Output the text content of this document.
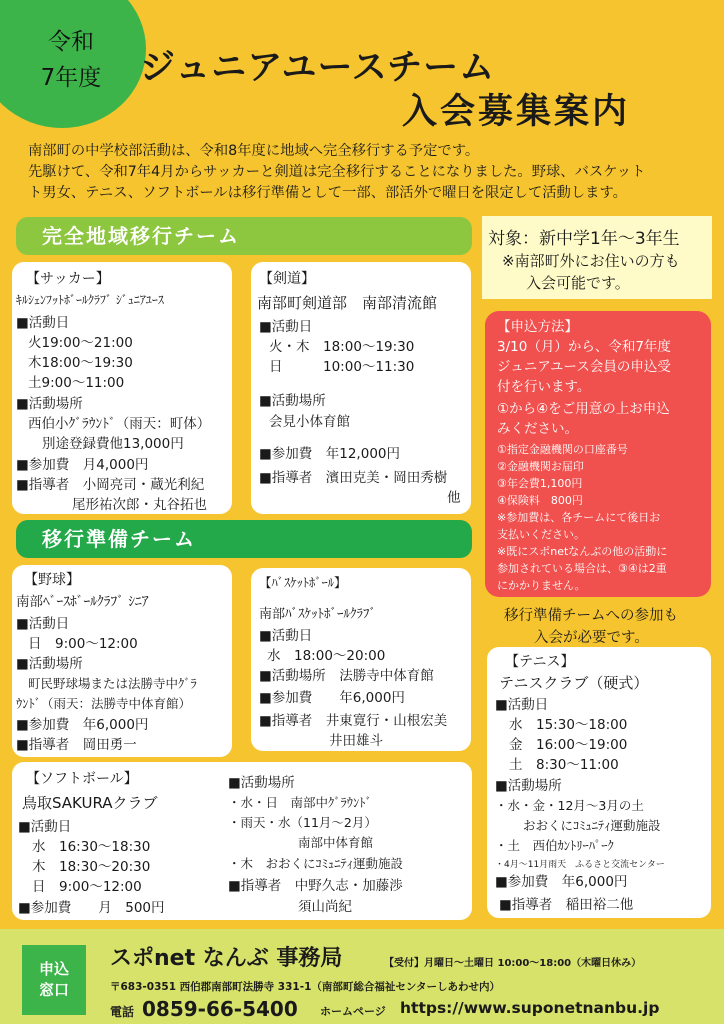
令和
7年度 ジュニアユースチーム
入会募集案内
南部町の中学校部活動は、令和8年度に地域へ完全移行する予定です。
先駆けて、令和7年4月からサッカーと剣道は完全移行することになりました。野球、バスケット
ト男女、テニス、ソフトボールは移行準備として一部、部活外で曜日を限定して活動します。
完全地域移行チーム	対象：新中学1年〜3年生
※南部町外にお住いの方も
入会可能です。
【サッカー】
ｷﾙｼｪﾝﾌｯﾄﾎﾞｰﾙｸﾗﾌﾞ ｼﾞｭﾆｱﾕｰｽ
■活動日
火19:00〜21:00
木18:00〜19:30
土9:00〜11:00
■活動場所
西伯小ｸﾞﾗｳﾝﾄﾞ（雨天：町体）
別途登録費他13,000円
■参加費　月4,000円
■指導者　小岡亮司・蔵光利紀
尾形祐次郎・丸谷拓也
【剣道】
南部町剣道部　南部清流館
■活動日
火・木　18:00〜19:30
日　　　10:00〜11:30
■活動場所
会見小体育館
■参加費　年12,000円
■指導者　濱田克美・岡田秀樹
他
【申込方法】
3/10（月）から、令和7年度
ジュニアユース会員の申込受
付を行います。
①から④をご用意の上お申込
みください。
①指定金融機関の口座番号
②金融機関お届印
③年会費1,100円
④保険料　800円
※参加費は、各チームにて後日お
支払いください。
※既にスポnetなんぶの他の活動に
参加されている場合は、③④は2重
にかかりません。
移行準備チーム
移行準備チームへの参加も
入会が必要です。
【野球】
南部ﾍﾞｰｽﾎﾞｰﾙｸﾗﾌﾞ ｼﾆｱ
■活動日
日　9:00〜12:00
■活動場所
町民野球場または法勝寺中ｸﾞﾗ
ｳﾝﾄﾞ（雨天：法勝寺中体育館）
■参加費　年6,000円
■指導者　岡田勇一
【ﾊﾞｽｹｯﾄﾎﾞｰﾙ】
南部ﾊﾞｽｹｯﾄﾎﾞｰﾙｸﾗﾌﾞ
■活動日
水　18:00〜20:00
■活動場所　法勝寺中体育館
■参加費　　年6,000円
■指導者　井東寛行・山根宏美
井田雄斗
【テニス】
テニスクラブ（硬式）
■活動日
水　15:30〜18:00
金　16:00〜19:00
土　8:30〜11:00
■活動場所
・水・金・12月〜3月の土
おおくにｺﾐｭﾆﾃｨ運動施設
・土　西伯ｶﾝﾄﾘｰﾊﾟｰｸ
・4月〜11月雨天　ふるさと交流センター
■参加費　年6,000円
■指導者　稲田裕二他
【ソフトボール】
鳥取SAKURAクラブ
■活動日
水　16:30〜18:30
木　18:30〜20:30
日　9:00〜12:00
■参加費　　月　500円
■活動場所
・水・日　南部中ｸﾞﾗｳﾝﾄﾞ
・雨天・水（11月〜2月）
南部中体育館
・木　おおくにｺﾐｭﾆﾃｨ運動施設
■指導者　中野久志・加藤渉
須山尚紀
申込
窓口
スポnet なんぶ 事務局	【受付】月曜日〜土曜日 10:00〜18:00（木曜日休み）
〒683-0351 西伯郡南部町法勝寺 331-1（南部町総合福祉センターしあわせ内）
電話 0859-66-5400 ホームページ https://www.suponetnanbu.jp
